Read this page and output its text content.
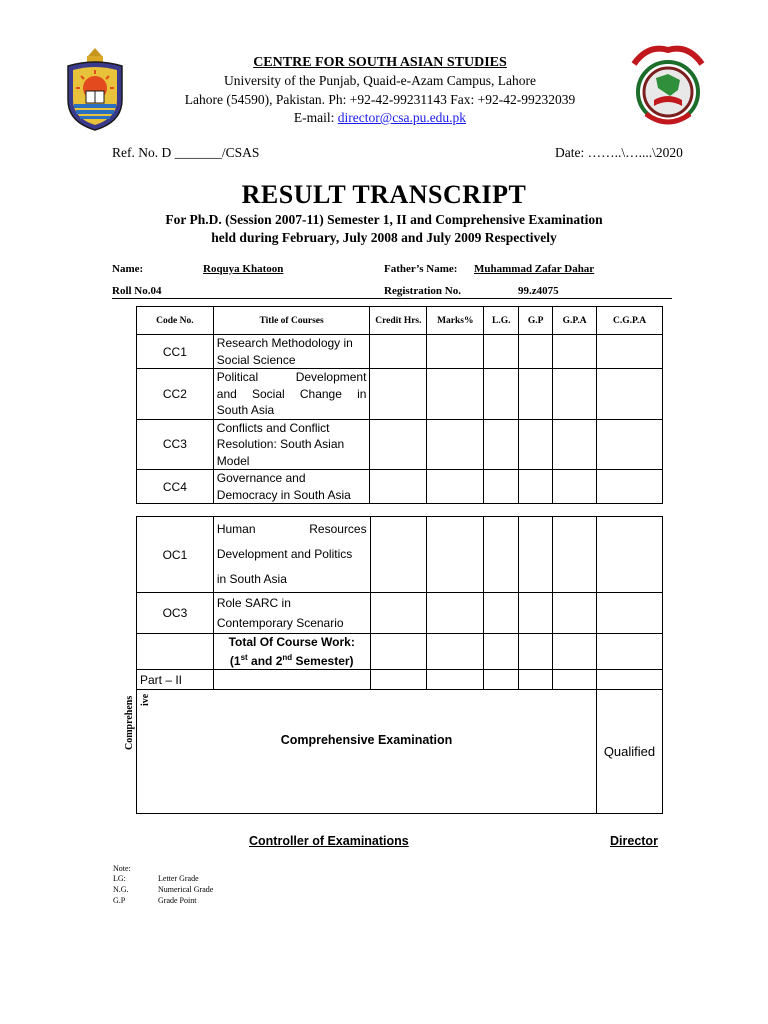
CENTRE FOR SOUTH ASIAN STUDIES
University of the Punjab, Quaid-e-Azam Campus, Lahore
Lahore (54590), Pakistan. Ph: +92-42-99231143 Fax: +92-42-99232039
E-mail: director@csa.pu.edu.pk
Ref. No. D _______/CSAS	Date: ……..\…....\2020
RESULT TRANSCRIPT
For Ph.D. (Session 2007-11) Semester 1, II and Comprehensive Examination
held during February, July 2008 and July 2009 Respectively
Name:	Roquya Khatoon	Father’s Name: Muhammad Zafar Dahar
Roll No.04	Registration No.	99.z4075
Code No.	Title of Courses	Credit Hrs.	Marks%	L.G.	G.P	G.P.A	C.G.P.A
CC1	Research Methodology in
Social Science						

CC2	Political Development
and Social Change in
South Asia						

CC3	Conflicts and Conflict
Resolution: South Asian
Model						

CC4	Governance and
Democracy in South Asia						

OC1	Human Resources
Development and Politics
in South Asia						

OC3	Role SARC in
Contemporary Scenario						

	Total Of Course Work:
(1st and 2nd Semester)						

Part – II							
Comprehensive Examination							Qualified
Comprehens ive
Controller of Examinations	Director
Note:
LG:	Letter Grade
N.G.	Numerical Grade
G.P	Grade Point
